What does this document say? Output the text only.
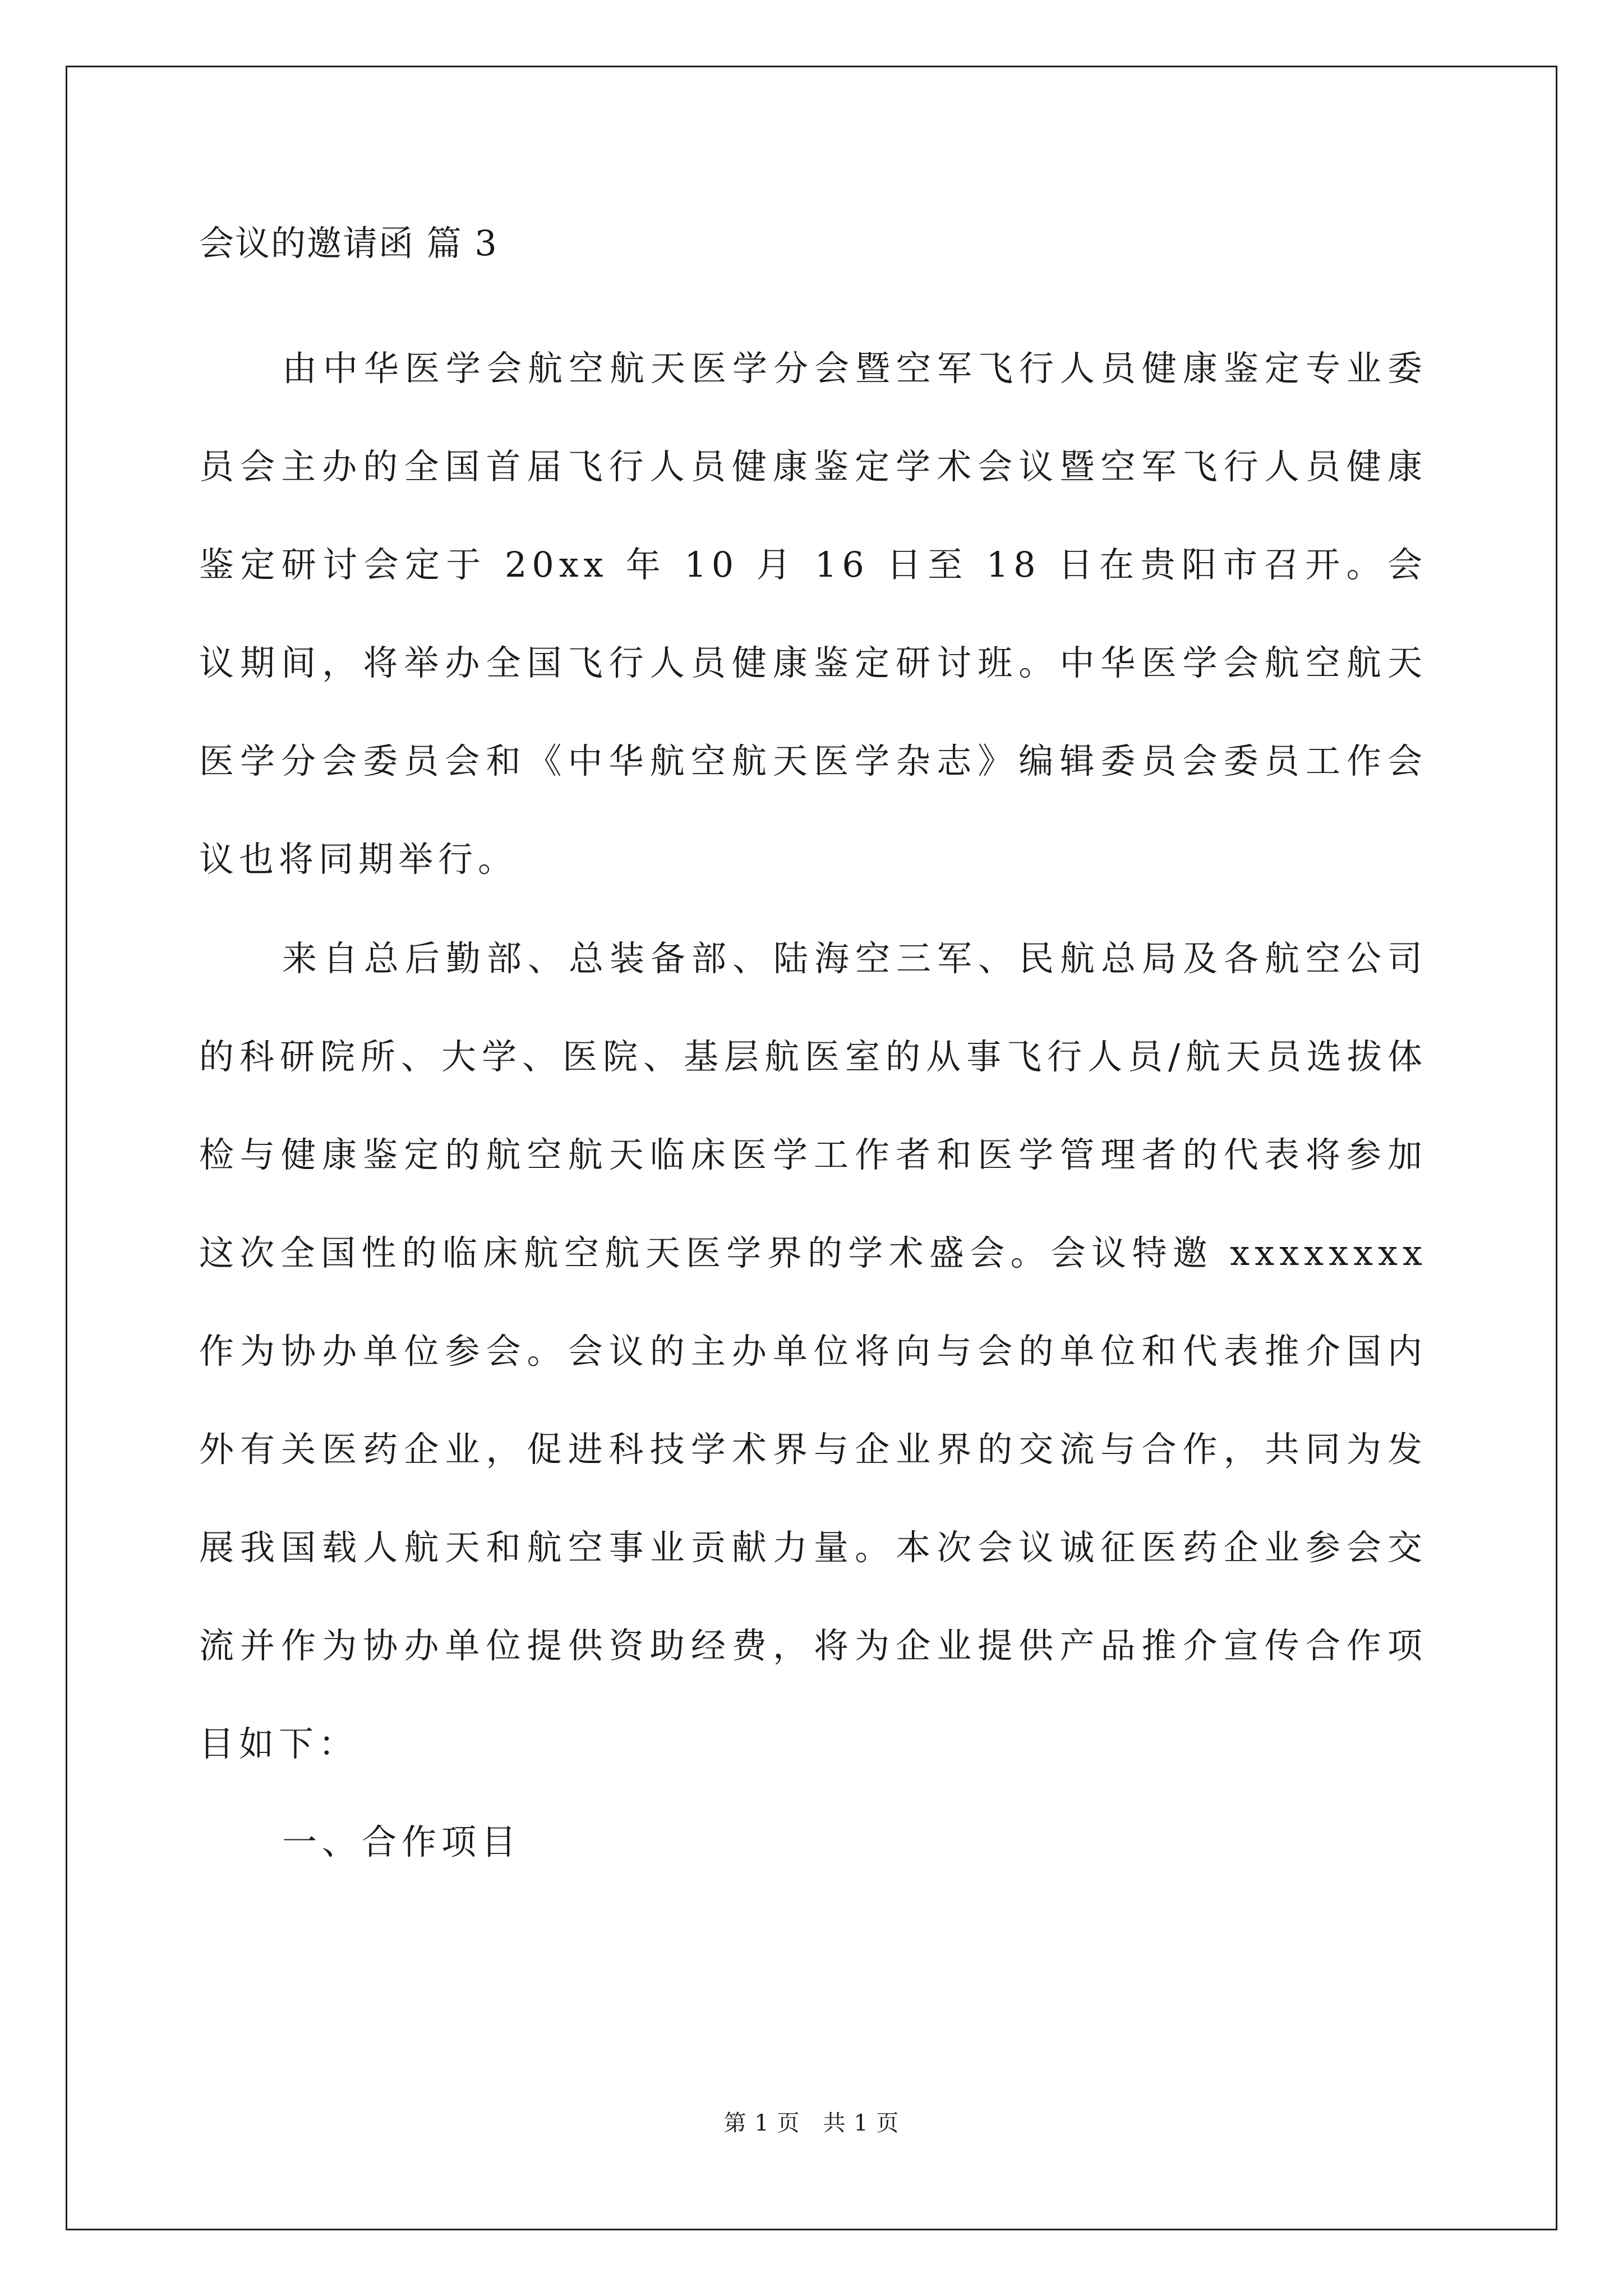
会议的邀请函 篇 3

由中华医学会航空航天医学分会暨空军飞行人员健康鉴定专业委员会主办的全国首届飞行人员健康鉴定学术会议暨空军飞行人员健康鉴定研讨会定于 20xx 年 10 月 16 日至 18 日在贵阳市召开。会议期间，将举办全国飞行人员健康鉴定研讨班。中华医学会航空航天医学分会委员会和《中华航空航天医学杂志》编辑委员会委员工作会议也将同期举行。

来自总后勤部、总装备部、陆海空三军、民航总局及各航空公司的科研院所、大学、医院、基层航医室的从事飞行人员/航天员选拔体检与健康鉴定的航空航天临床医学工作者和医学管理者的代表将参加这次全国性的临床航空航天医学界的学术盛会。会议特邀 xxxxxxxx 作为协办单位参会。会议的主办单位将向与会的单位和代表推介国内外有关医药企业，促进科技学术界与企业界的交流与合作，共同为发展我国载人航天和航空事业贡献力量。本次会议诚征医药企业参会交流并作为协办单位提供资助经费，将为企业提供产品推介宣传合作项目如下：

一、合作项目

第 1 页　共 1 页
